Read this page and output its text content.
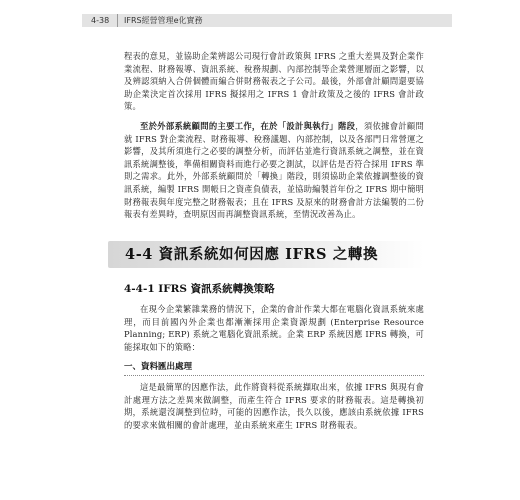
4-38 IFRS經營管理e化實務

程表的意見，並協助企業辨認公司現行會計政策與 IFRS 之重大差異及對企業作業流程、財務報導、資訊系統、稅務規劃、內部控制等企業營運層面之影響，以及辨認須納入合併個體而編合併財務報表之子公司。最後，外部會計顧問還要協助企業決定首次採用 IFRS 擬採用之 IFRS 1 會計政策及之後的 IFRS 會計政策。

至於外部系統顧問的主要工作，在於「設計與執行」階段，須依據會計顧問就 IFRS 對企業流程、財務報導、稅務議題、內部控制，以及各部門日常營運之影響，及其所須進行之必要的調整分析，而評估並進行資訊系統之調整，並在資訊系統調整後，準備相關資料而進行必要之測試，以評估是否符合採用 IFRS 準則之需求。此外，外部系統顧問於「轉換」階段，則須協助企業依據調整後的資訊系統，編製 IFRS 開帳日之資產負債表，並協助編製首年份之 IFRS 期中簡明財務報表與年度完整之財務報表；且在 IFRS 及原來的財務會計方法編製的二份報表有差異時，查明原因而再調整資訊系統，至情況改善為止。

4-4 資訊系統如何因應 IFRS 之轉換
4-4-1 IFRS 資訊系統轉換策略

在現今企業繁雜業務的情況下，企業的會計作業大都在電腦化資訊系統來處理，而目前國內外企業也都漸漸採用企業資源規劃 (Enterprise Resource Planning; ERP) 系統之電腦化資訊系統。企業 ERP 系統因應 IFRS 轉換，可能採取如下的策略：

一、資料匯出處理

這是最簡單的因應作法，此作將資料從系統擷取出來，依據 IFRS 與現有會計處理方法之差異來做調整，而產生符合 IFRS 要求的財務報表。這是轉換初期，系統還沒調整到位時，可能的因應作法，長久以後，應該由系統依據 IFRS 的要求來做相關的會計處理，並由系統來產生 IFRS 財務報表。
